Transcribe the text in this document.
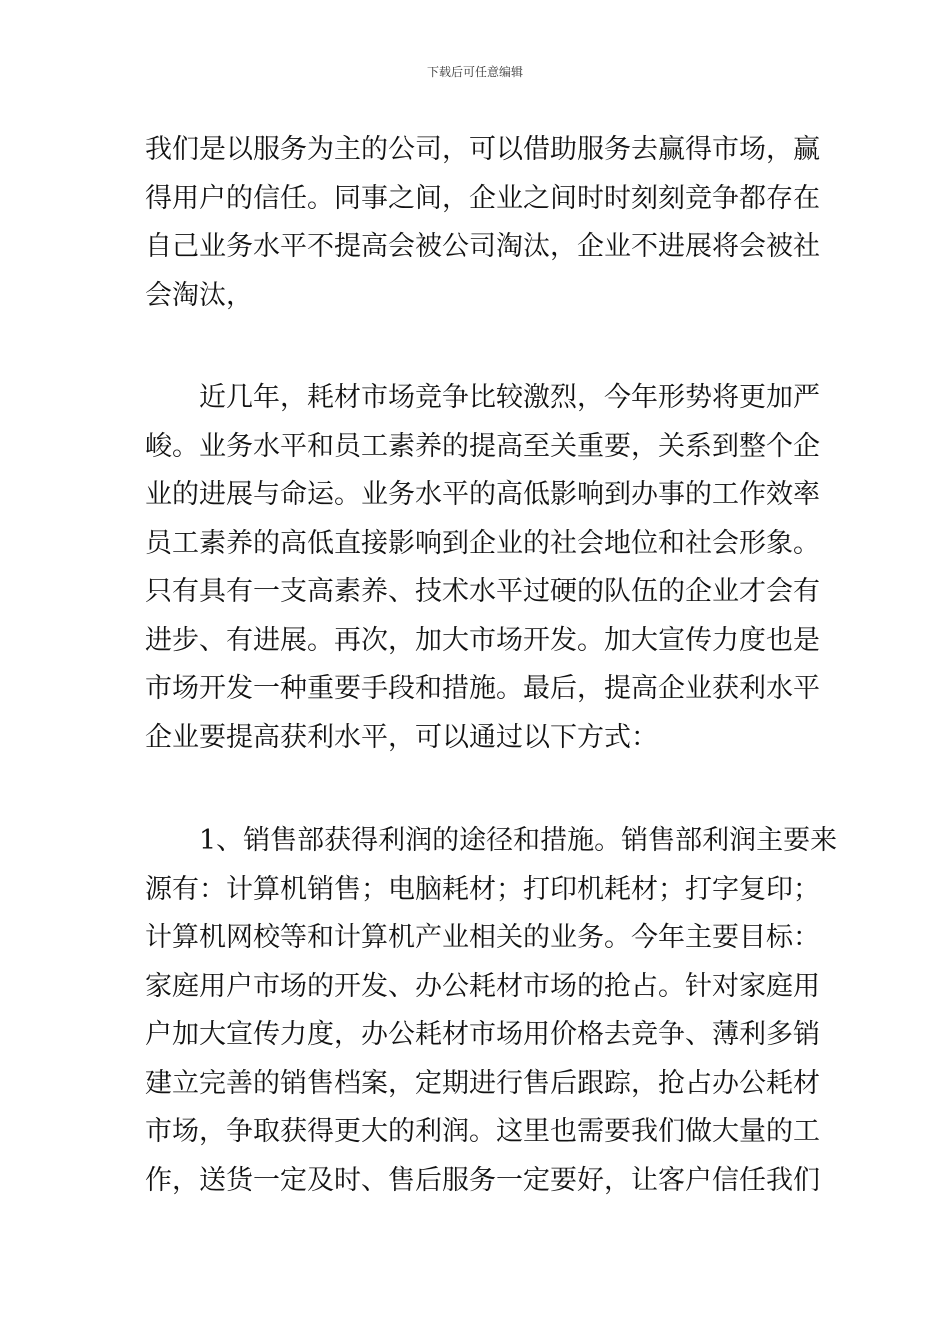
下载后可任意编辑
我们是以服务为主的公司，可以借助服务去赢得市场，赢
得用户的信任。同事之间，企业之间时时刻刻竞争都存在
自己业务水平不提高会被公司淘汰，企业不进展将会被社
会淘汰，
近几年，耗材市场竞争比较激烈，今年形势将更加严
峻。业务水平和员工素养的提高至关重要，关系到整个企
业的进展与命运。业务水平的高低影响到办事的工作效率
员工素养的高低直接影响到企业的社会地位和社会形象。
只有具有一支高素养、技术水平过硬的队伍的企业才会有
进步、有进展。再次，加大市场开发。加大宣传力度也是
市场开发一种重要手段和措施。最后，提高企业获利水平
企业要提高获利水平，可以通过以下方式：
1、销售部获得利润的途径和措施。销售部利润主要来
源有：计算机销售；电脑耗材；打印机耗材；打字复印；
计算机网校等和计算机产业相关的业务。今年主要目标：
家庭用户市场的开发、办公耗材市场的抢占。针对家庭用
户加大宣传力度，办公耗材市场用价格去竞争、薄利多销
建立完善的销售档案，定期进行售后跟踪，抢占办公耗材
市场，争取获得更大的利润。这里也需要我们做大量的工
作，送货一定及时、售后服务一定要好，让客户信任我们
